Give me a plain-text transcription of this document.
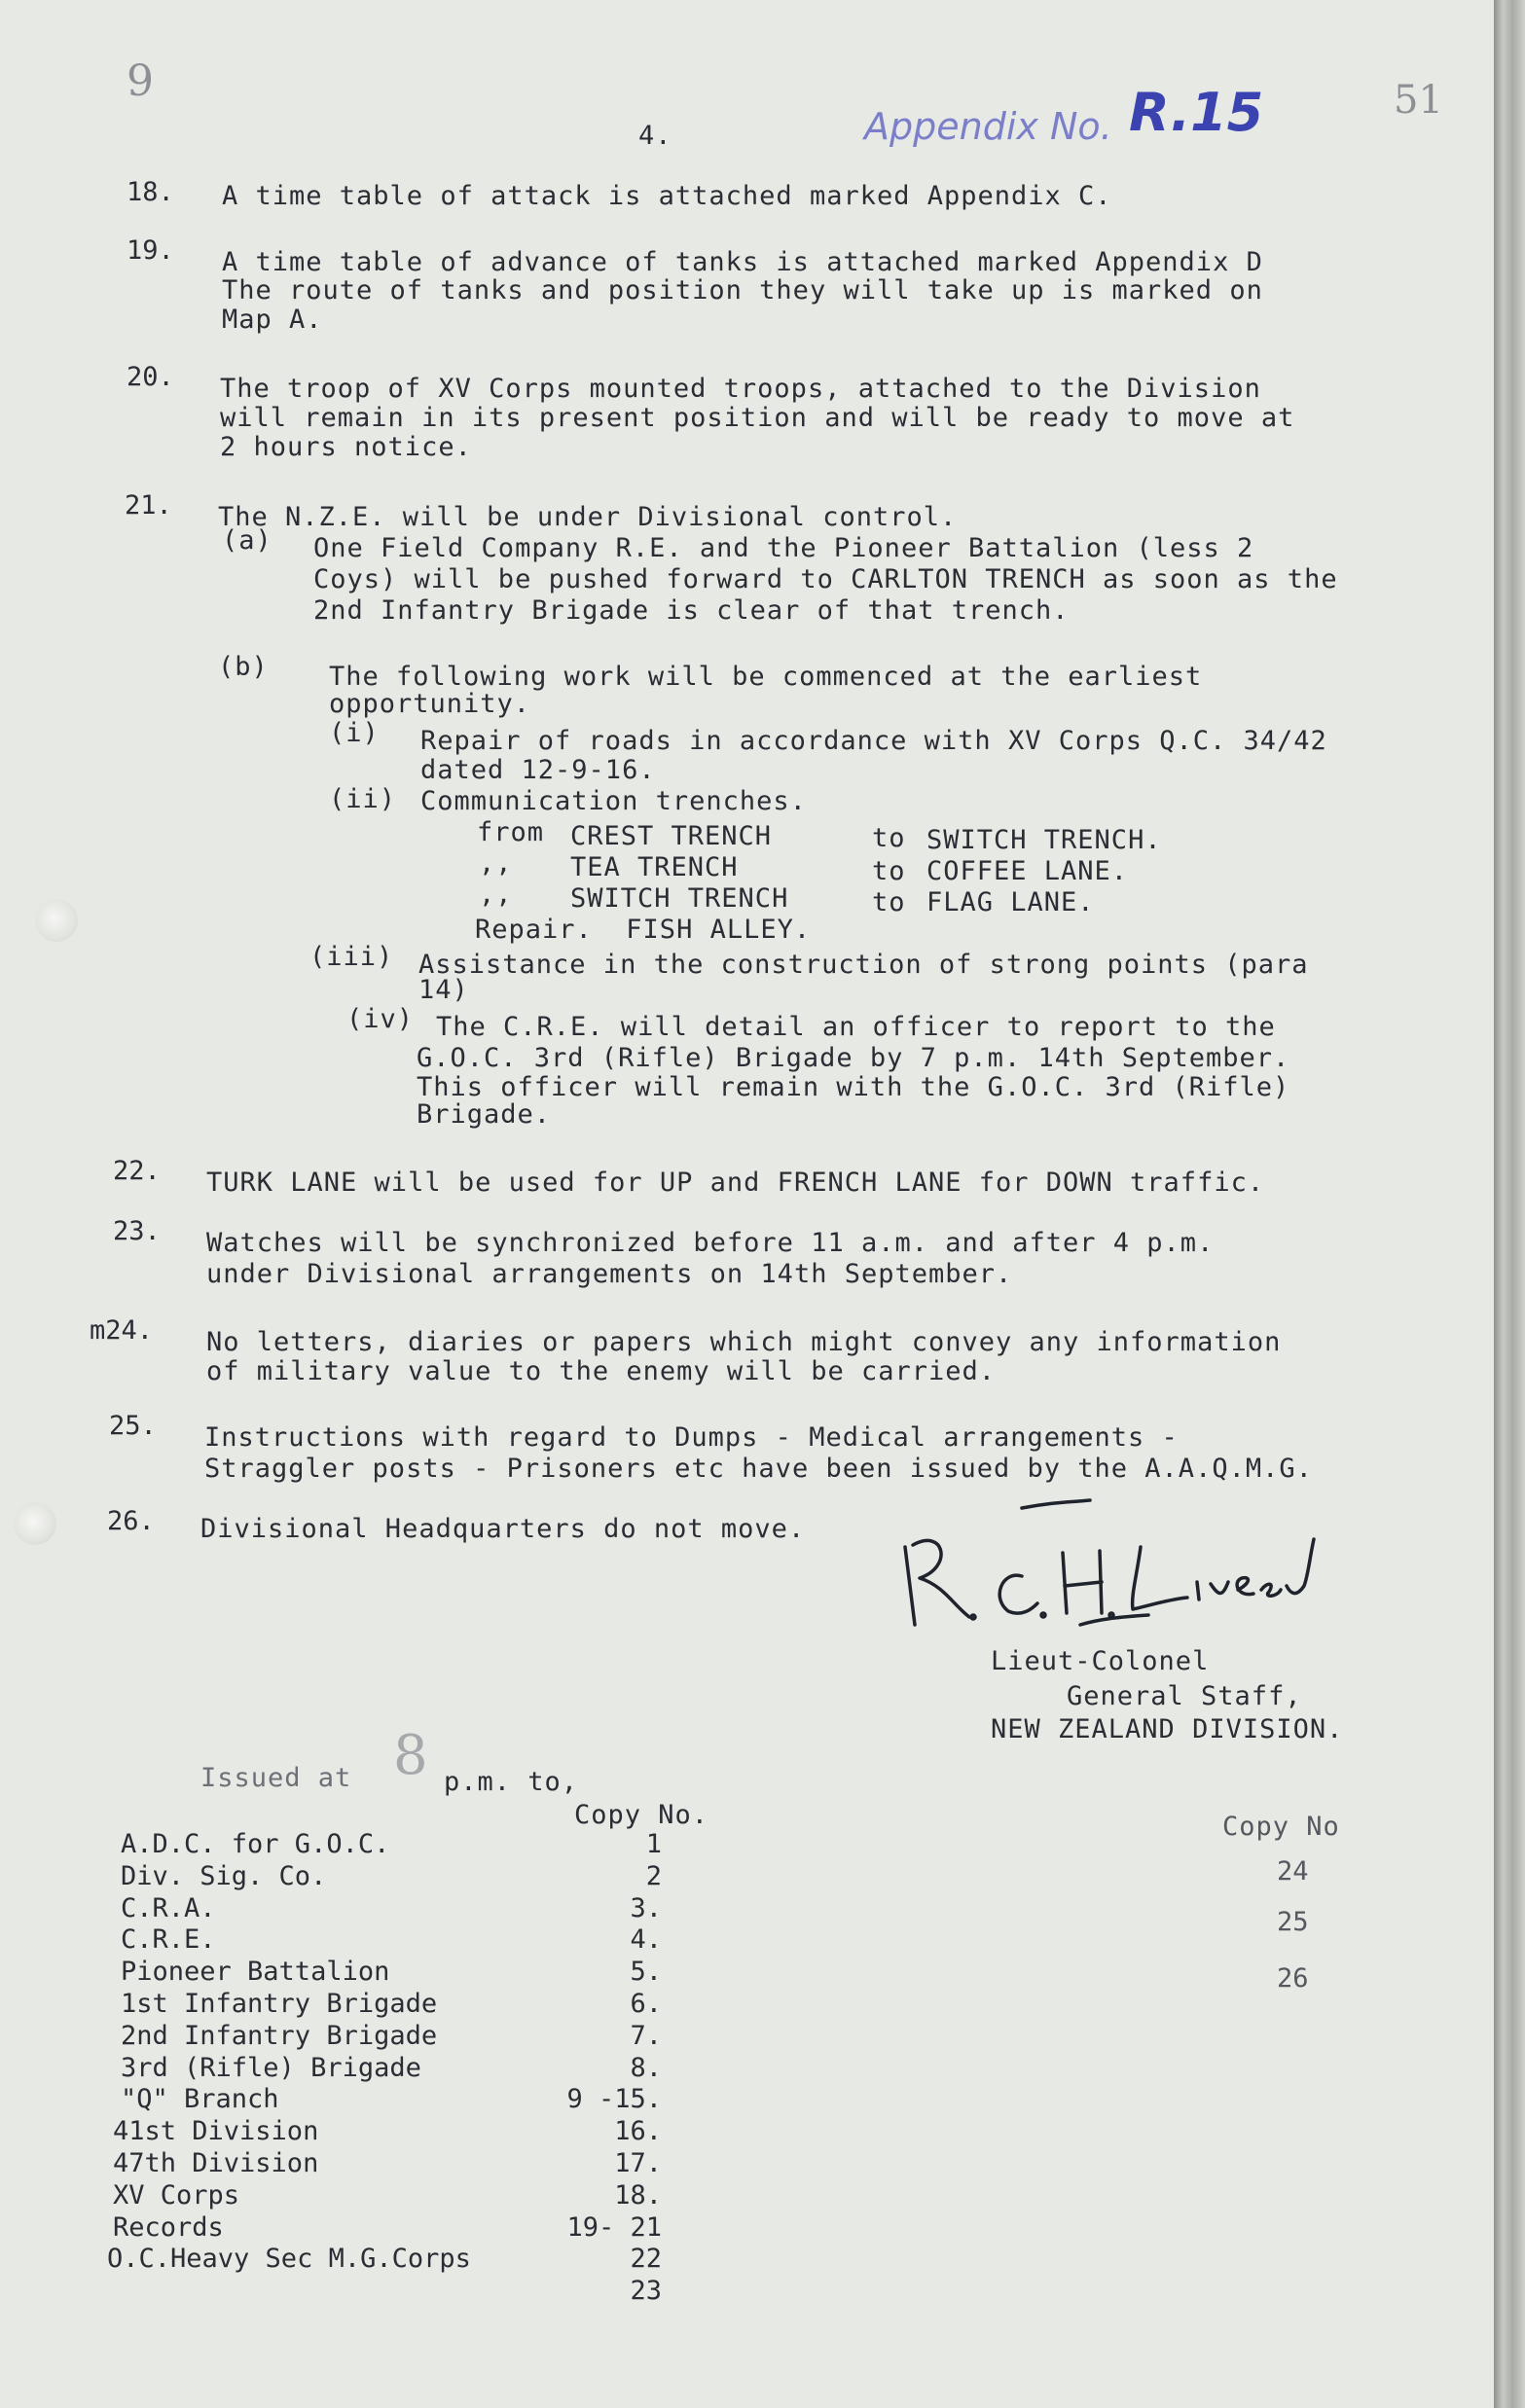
9
4.	Appendix No. R.15	51
18. A time table of attack is attached marked Appendix C.
19. A time table of advance of tanks is attached marked Appendix D
The route of tanks and position they will take up is marked on
Map A.
20. The troop of XV Corps mounted troops, attached to the Division
will remain in its present position and will be ready to move at
2 hours notice.
21. The N.Z.E. will be under Divisional control.
(a) One Field Company R.E. and the Pioneer Battalion (less 2
Coys) will be pushed forward to CARLTON TRENCH as soon as the
2nd Infantry Brigade is clear of that trench.
(b) The following work will be commenced at the earliest
opportunity.
(i) Repair of roads in accordance with XV Corps Q.C. 34/42
dated 12-9-16.
(ii) Communication trenches.
from CREST TRENCH	to SWITCH TRENCH.
,, TEA TRENCH	to COFFEE LANE.
,, SWITCH TRENCH	to FLAG LANE.
Repair.  FISH ALLEY.
(iii) Assistance in the construction of strong points (para
14)
(iv) The C.R.E. will detail an officer to report to the
G.O.C. 3rd (Rifle) Brigade by 7 p.m. 14th September.
This officer will remain with the G.O.C. 3rd (Rifle)
Brigade.
22. TURK LANE will be used for UP and FRENCH LANE for DOWN traffic.
23. Watches will be synchronized before 11 a.m. and after 4 p.m.
under Divisional arrangements on 14th September.
m24. No letters, diaries or papers which might convey any information
of military value to the enemy will be carried.
25. Instructions with regard to Dumps - Medical arrangements -
Straggler posts - Prisoners etc have been issued by the A.A.Q.M.G.
26. Divisional Headquarters do not move.
Lieut-Colonel
General Staff,
NEW ZEALAND DIVISION.
Issued at 8 p.m. to,
Copy No.
A.D.C. for G.O.C.	1
Div. Sig. Co.	2
C.R.A.	3.
C.R.E.	4.
Pioneer Battalion	5.
1st Infantry Brigade	6.
2nd Infantry Brigade	7.
3rd (Rifle) Brigade	8.
"Q" Branch	9 -15.
41st Division	16.
47th Division	17.
XV Corps	18.
Records	19- 21
O.C.Heavy Sec M.G.Corps	22
23
Copy No
24
25
26
